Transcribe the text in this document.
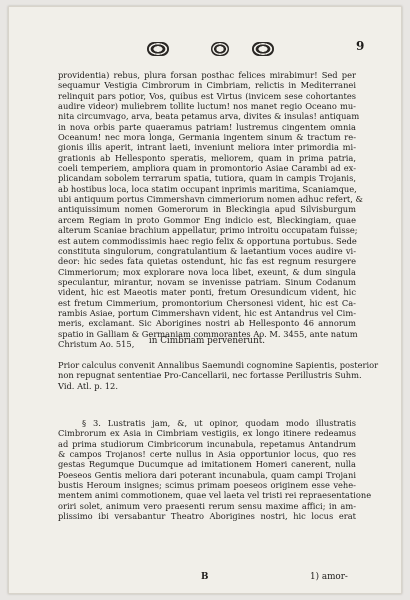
9
providentia) rebus, plura forsan posthac felices mirabimur! Sed per
sequamur Vestigia Cimbrorum in Cimbriam, relictis in Mediterranei
relinquit pars potior, Vos, quibus est Virtus (invicem sese cohortantes
audire videor) muliebrem tollite luctum! nos manet regio Oceano mu-
nita circumvago, arva, beata petamus arva, divites & insulas! antiquam
in nova orbis parte quaeramus patriam! lustremus cingentem omnia
Oceanum! nec mora longa, Germania ingentem sinum & tractum re-
gionis illis aperit, intrant laeti, inveniunt meliora inter primordia mi-
grationis ab Hellespontо speratis, meliorem, quam in prima patria,
coeli temperiem, ampliora quam in promontorio Asiae Carambi ad ex-
plicandam sobolem terrarum spatia, tutiora, quam in campis Trojanis,
ab hostibus loca, loca statim occupant inprimis maritima, Scaniamque,
ubi antiquum portus Cimmershavn cimmeriorum nomen adhuc refert, &
antiquissimum nomen Gomerorum in Bleckingia apud Silvisburgum
arcem Regiam in proto Gommor Eng indicio est, Bleckingiam, quae
alterum Scaniae brachium appellatur, primo introitu occupatam fuisse;
est autem commodissimis haec regio felix & opportuna portubus. Sede
constituta singulorum, congratulantium & laetantium voces audire vi-
deor: hic sedes fata quietas ostendunt, hic fas est regnum resurgere
Cimmeriorum; mox explorare nova loca libet, exeunt, & dum singula
speculantur, mirantur, novam se invenisse patriam. Sinum Codanum
vident, hic est Maeotis mater ponti, fretum Oresundicum vident, hic
est fretum Cimmerium, promontorium Chersonesi vident, hic est Ca-
rambis Asiae, portum Cimmershavn vident, hic est Antandrus vel Cim-
meris, exclamant. Sic Aborigines nostri ab Hellesponto 46 annorum
spatio in Galliam & Germaniam commorantes Ao. M. 3455, ante natum
Christum Ao. 515,	in Cimbriam pervenerunt.
Prior calculus convenit Annalibus Saemundi cognomine Sapientis, posterior
non repugnat sententiae Pro-Cancellarii, nec fortasse Perillustris Suhm.
Vid. Atl. p. 12.
§ 3. Lustratis jam, &, ut opinor, quodam modo illustratis
Cimbrorum ex Asia in Cimbriam vestigiis, ex longo itinere redeamus
ad prima studiorum Cimbricorum incunabula, repetamus Antandrum
& campos Trojanos! certe nullus in Asia opportunior locus, quo res
gestas Regumque Ducumque ad imitationem Homeri canerent, nulla
Poeseos Gentis meliora dari poterant incunabula, quam campi Trojani
bustis Heroum insignes; scimus primam poeseos originem esse vehe-
mentem animi commotionem, quae vel laeta vel tristi rei repraesentatione
oriri solet, animum vero praesenti rerum sensu maxime affici; in am-
plissimo ibi versabantur Theatro Aborigines nostri, hic locus erat
B	1) amor-
